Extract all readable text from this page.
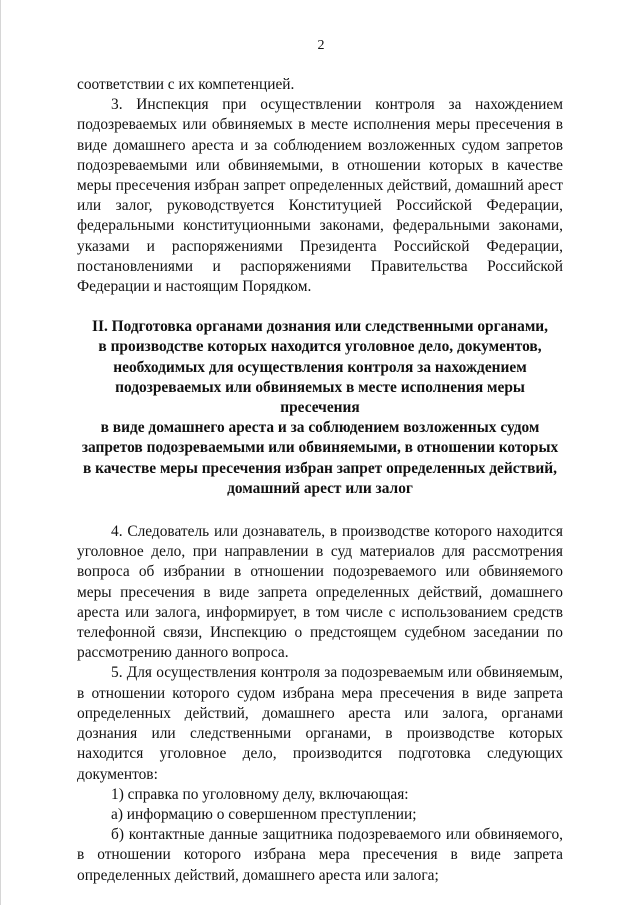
2

соответствии с их компетенцией.

3. Инспекция при осуществлении контроля за нахождением подозреваемых или обвиняемых в месте исполнения меры пресечения в виде домашнего ареста и за соблюдением возложенных судом запретов подозреваемыми или обвиняемыми, в отношении которых в качестве меры пресечения избран запрет определенных действий, домашний арест или залог, руководствуется Конституцией Российской Федерации, федеральными конституционными законами, федеральными законами, указами и распоряжениями Президента Российской Федерации, постановлениями и распоряжениями Правительства Российской Федерации и настоящим Порядком.

II. Подготовка органами дознания или следственными органами,
в производстве которых находится уголовное дело, документов,
необходимых для осуществления контроля за нахождением
подозреваемых или обвиняемых в месте исполнения меры пресечения
в виде домашнего ареста и за соблюдением возложенных судом
запретов подозреваемыми или обвиняемыми, в отношении которых
в качестве меры пресечения избран запрет определенных действий,
домашний арест или залог

4. Следователь или дознаватель, в производстве которого находится уголовное дело, при направлении в суд материалов для рассмотрения вопроса об избрании в отношении подозреваемого или обвиняемого меры пресечения в виде запрета определенных действий, домашнего ареста или залога, информирует, в том числе с использованием средств телефонной связи, Инспекцию о предстоящем судебном заседании по рассмотрению данного вопроса.

5. Для осуществления контроля за подозреваемым или обвиняемым, в отношении которого судом избрана мера пресечения в виде запрета определенных действий, домашнего ареста или залога, органами дознания или следственными органами, в производстве которых находится уголовное дело, производится подготовка следующих документов:

1) справка по уголовному делу, включающая:

а) информацию о совершенном преступлении;

б) контактные данные защитника подозреваемого или обвиняемого, в отношении которого избрана мера пресечения в виде запрета определенных действий, домашнего ареста или залога;
